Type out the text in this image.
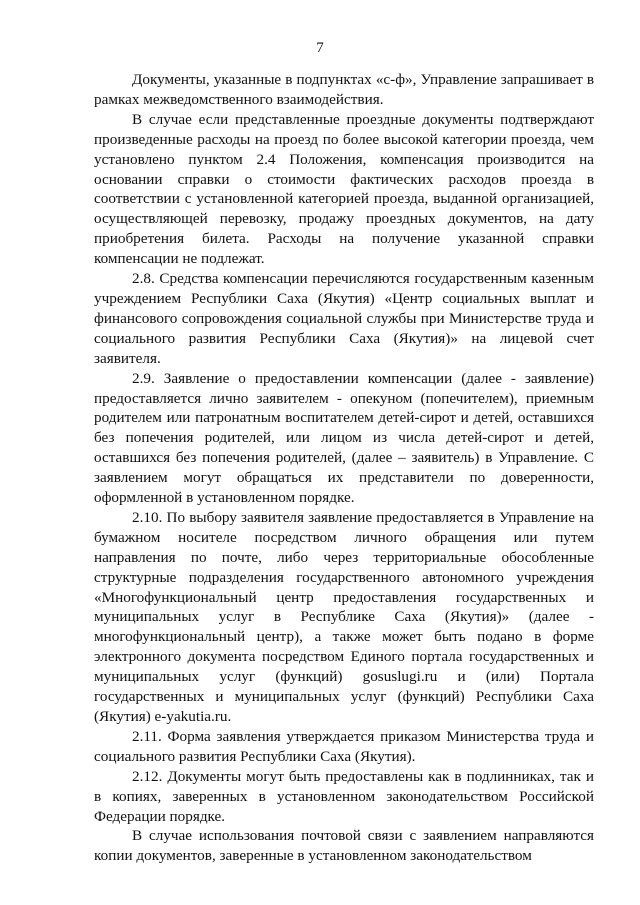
7

Документы, указанные в подпунктах «с-ф», Управление запрашивает в рамках межведомственного взаимодействия.

В случае если представленные проездные документы подтверждают произведенные расходы на проезд по более высокой категории проезда, чем установлено пунктом 2.4 Положения, компенсация производится на основании справки о стоимости фактических расходов проезда в соответствии с установленной категорией проезда, выданной организацией, осуществляющей перевозку, продажу проездных документов, на дату приобретения билета. Расходы на получение указанной справки компенсации не подлежат.

2.8. Средства компенсации перечисляются государственным казенным учреждением Республики Саха (Якутия) «Центр социальных выплат и финансового сопровождения социальной службы при Министерстве труда и социального развития Республики Саха (Якутия)» на лицевой счет заявителя.

2.9. Заявление о предоставлении компенсации (далее - заявление) предоставляется лично заявителем - опекуном (попечителем), приемным родителем или патронатным воспитателем детей-сирот и детей, оставшихся без попечения родителей, или лицом из числа детей-сирот и детей, оставшихся без попечения родителей, (далее – заявитель) в Управление. С заявлением могут обращаться их представители по доверенности, оформленной в установленном порядке.

2.10. По выбору заявителя заявление предоставляется в Управление на бумажном носителе посредством личного обращения или путем направления по почте, либо через территориальные обособленные структурные подразделения государственного автономного учреждения «Многофункциональный центр предоставления государственных и муниципальных услуг в Республике Саха (Якутия)» (далее - многофункциональный центр), а также может быть подано в форме электронного документа посредством Единого портала государственных и муниципальных услуг (функций) gosuslugi.ru и (или) Портала государственных и муниципальных услуг (функций) Республики Саха (Якутия) e-yakutia.ru.

2.11. Форма заявления утверждается приказом Министерства труда и социального развития Республики Саха (Якутия).

2.12. Документы могут быть предоставлены как в подлинниках, так и в копиях, заверенных в установленном законодательством Российской Федерации порядке.

В случае использования почтовой связи с заявлением направляются копии документов, заверенные в установленном законодательством
